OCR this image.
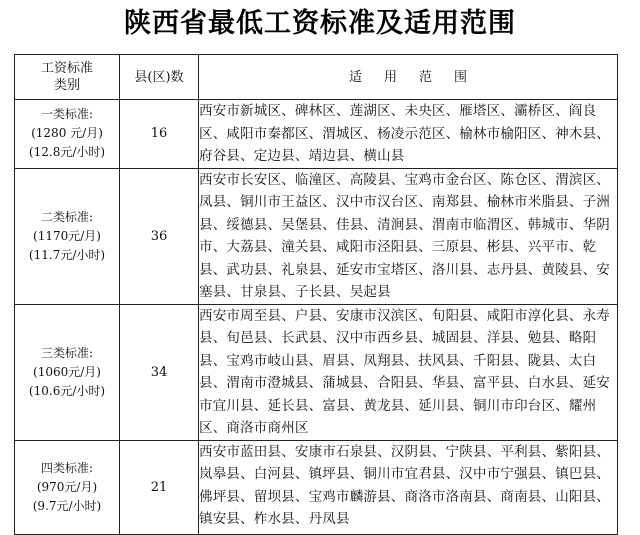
陕西省最低工资标准及适用范围
工资标准
类别	县(区)数	适用范围

一类标准:
(1280 元/月)
(12.8元/小时)	16	西安市新城区、碑林区、莲湖区、未央区、雁塔区、灞桥区、阎良区、咸阳市秦都区、渭城区、杨凌示范区、榆林市榆阳区、神木县、府谷县、定边县、靖边县、横山县

二类标准:
(1170元/月)
(11.7元/小时)	36	西安市长安区、临潼区、高陵县、宝鸡市金台区、陈仓区、渭滨区、凤县、铜川市王益区、汉中市汉台区、南郑县、榆林市米脂县、子洲县、绥德县、吴堡县、佳县、清涧县、渭南市临渭区、韩城市、华阴市、大荔县、潼关县、咸阳市泾阳县、三原县、彬县、兴平市、乾县、武功县、礼泉县、延安市宝塔区、洛川县、志丹县、黄陵县、安塞县、甘泉县、子长县、吴起县

三类标准:
(1060元/月)
(10.6元/小时)	34	西安市周至县、户县、安康市汉滨区、旬阳县、咸阳市淳化县、永寿县、旬邑县、长武县、汉中市西乡县、城固县、洋县、勉县、略阳县、宝鸡市岐山县、眉县、凤翔县、扶风县、千阳县、陇县、太白县、渭南市澄城县、蒲城县、合阳县、华县、富平县、白水县、延安市宜川县、延长县、富县、黄龙县、延川县、铜川市印台区、耀州区、商洛市商州区

四类标准:
(970元/月)
(9.7元/小时)	21	西安市蓝田县、安康市石泉县、汉阴县、宁陕县、平利县、紫阳县、岚皋县、白河县、镇坪县、铜川市宜君县、汉中市宁强县、镇巴县、佛坪县、留坝县、宝鸡市麟游县、商洛市洛南县、商南县、山阳县、镇安县、柞水县、丹凤县
